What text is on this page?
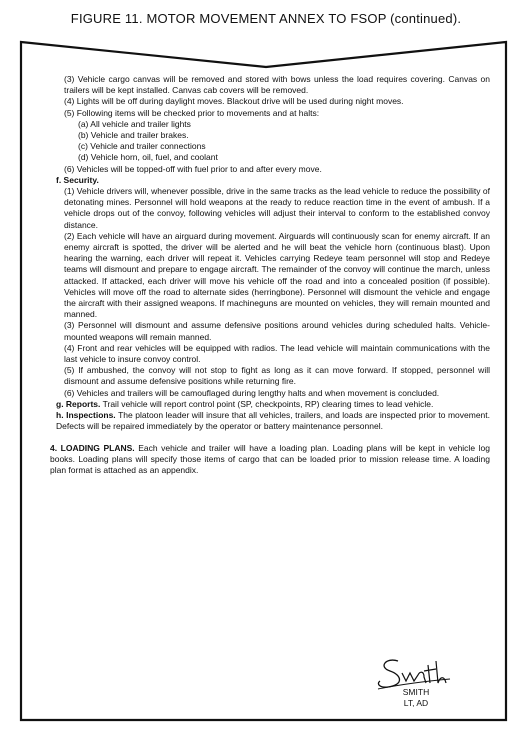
FIGURE 11. MOTOR MOVEMENT ANNEX TO FSOP (continued).

(3) Vehicle cargo canvas will be removed and stored with bows unless the load requires covering. Canvas on trailers will be kept installed. Canvas cab covers will be removed.

(4) Lights will be off during daylight moves. Blackout drive will be used during night moves.

(5) Following items will be checked prior to movements and at halts:

(a) All vehicle and trailer lights

(b) Vehicle and trailer brakes.

(c) Vehicle and trailer connections

(d) Vehicle horn, oil, fuel, and coolant

(6) Vehicles will be topped-off with fuel prior to and after every move.

f. Security.

(1) Vehicle drivers will, whenever possible, drive in the same tracks as the lead vehicle to reduce the possibility of detonating mines. Personnel will hold weapons at the ready to reduce reaction time in the event of ambush. If a vehicle drops out of the convoy, following vehicles will adjust their interval to conform to the established convoy distance.

(2) Each vehicle will have an airguard during movement. Airguards will continuously scan for enemy aircraft. If an enemy aircraft is spotted, the driver will be alerted and he will beat the vehicle horn (continuous blast). Upon hearing the warning, each driver will repeat it. Vehicles carrying Redeye team personnel will stop and Redeye teams will dismount and prepare to engage aircraft. The remainder of the convoy will continue the march, unless attacked. If attacked, each driver will move his vehicle off the road and into a concealed position (if possible). Vehicles will move off the road to alternate sides (herringbone). Personnel will dismount the vehicle and engage the aircraft with their assigned weapons. If machineguns are mounted on vehicles, they will remain mounted and manned.

(3) Personnel will dismount and assume defensive positions around vehicles during scheduled halts. Vehicle-mounted weapons will remain manned.

(4) Front and rear vehicles will be equipped with radios. The lead vehicle will maintain communications with the last vehicle to insure convoy control.

(5) If ambushed, the convoy will not stop to fight as long as it can move forward. If stopped, personnel will dismount and assume defensive positions while returning fire.

(6) Vehicles and trailers will be camouflaged during lengthy halts and when movement is concluded.

g. Reports. Trail vehicle will report control point (SP, checkpoints, RP) clearing times to lead vehicle.

h. Inspections. The platoon leader will insure that all vehicles, trailers, and loads are inspected prior to movement. Defects will be repaired immediately by the operator or battery maintenance personnel.

4. LOADING PLANS. Each vehicle and trailer will have a loading plan. Loading plans will be kept in vehicle log books. Loading plans will specify those items of cargo that can be loaded prior to mission release time. A loading plan format is attached as an appendix.

SMITH
LT, AD
